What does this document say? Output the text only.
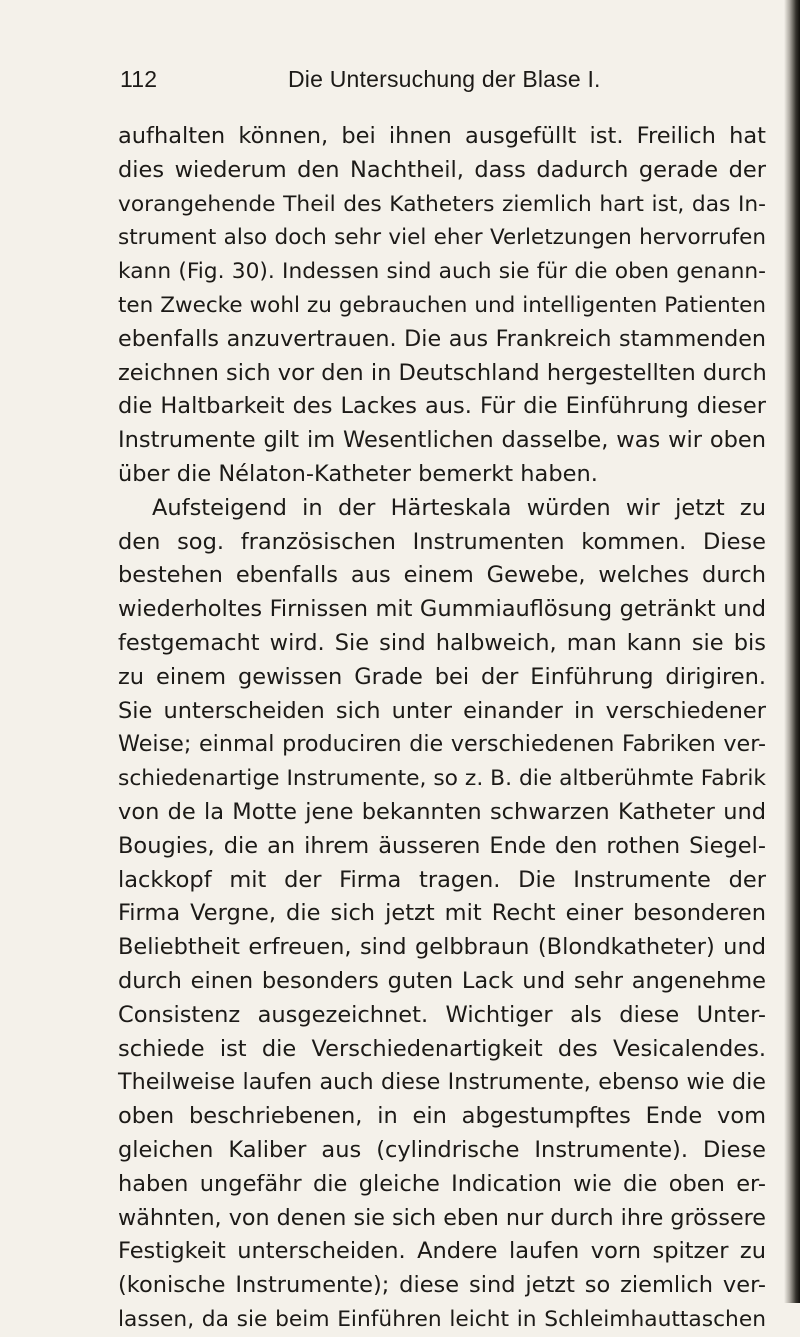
112	Die Untersuchung der Blase I.
aufhalten können, bei ihnen ausgefüllt ist. Freilich hat
dies wiederum den Nachtheil, dass dadurch gerade der
vorangehende Theil des Katheters ziemlich hart ist, das In-
strument also doch sehr viel eher Verletzungen hervorrufen
kann (Fig. 30). Indessen sind auch sie für die oben genann-
ten Zwecke wohl zu gebrauchen und intelligenten Patienten
ebenfalls anzuvertrauen. Die aus Frankreich stammenden
zeichnen sich vor den in Deutschland hergestellten durch
die Haltbarkeit des Lackes aus. Für die Einführung dieser
Instrumente gilt im Wesentlichen dasselbe, was wir oben
über die Nélaton-Katheter bemerkt haben.
Aufsteigend in der Härteskala würden wir jetzt zu
den sog. französischen Instrumenten kommen. Diese
bestehen ebenfalls aus einem Gewebe, welches durch
wiederholtes Firnissen mit Gummiauflösung getränkt und
festgemacht wird. Sie sind halbweich, man kann sie bis
zu einem gewissen Grade bei der Einführung dirigiren.
Sie unterscheiden sich unter einander in verschiedener
Weise; einmal produciren die verschiedenen Fabriken ver-
schiedenartige Instrumente, so z. B. die altberühmte Fabrik
von de la Motte jene bekannten schwarzen Katheter und
Bougies, die an ihrem äusseren Ende den rothen Siegel-
lackkopf mit der Firma tragen. Die Instrumente der
Firma Vergne, die sich jetzt mit Recht einer besonderen
Beliebtheit erfreuen, sind gelbbraun (Blondkatheter) und
durch einen besonders guten Lack und sehr angenehme
Consistenz ausgezeichnet. Wichtiger als diese Unter-
schiede ist die Verschiedenartigkeit des Vesicalendes.
Theilweise laufen auch diese Instrumente, ebenso wie die
oben beschriebenen, in ein abgestumpftes Ende vom
gleichen Kaliber aus (cylindrische Instrumente). Diese
haben ungefähr die gleiche Indication wie die oben er-
wähnten, von denen sie sich eben nur durch ihre grössere
Festigkeit unterscheiden. Andere laufen vorn spitzer zu
(konische Instrumente); diese sind jetzt so ziemlich ver-
lassen, da sie beim Einführen leicht in Schleimhauttaschen
